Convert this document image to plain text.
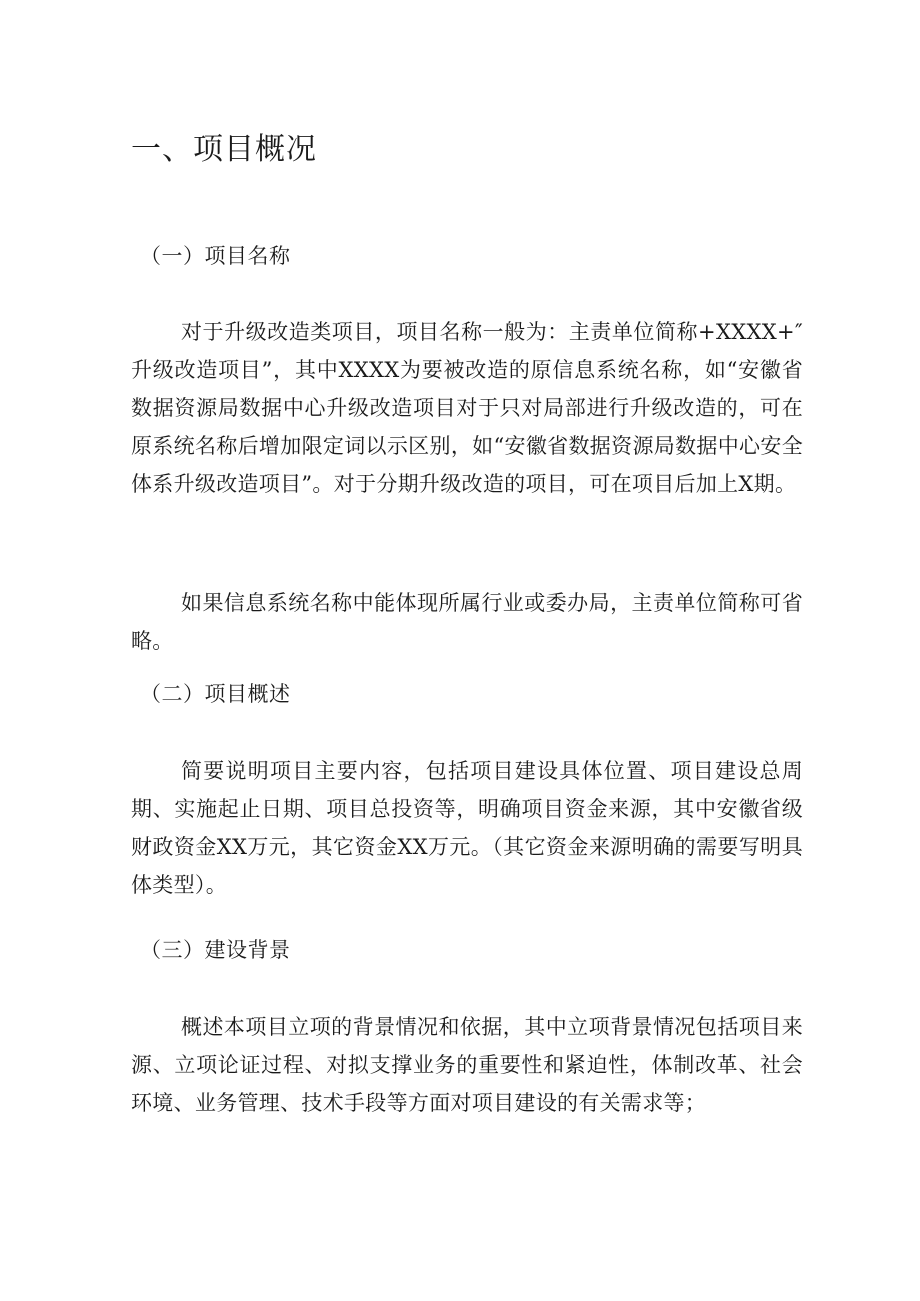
一、项目概况
（一）项目名称

对于升级改造类项目，项目名称一般为：主责单位简称+XXXX+″升级改造项目”，其中XXXX为要被改造的原信息系统名称，如“安徽省数据资源局数据中心升级改造项目对于只对局部进行升级改造的，可在原系统名称后增加限定词以示区别，如“安徽省数据资源局数据中心安全体系升级改造项目”。对于分期升级改造的项目，可在项目后加上X期。

如果信息系统名称中能体现所属行业或委办局，主责单位简称可省略。

（二）项目概述

简要说明项目主要内容，包括项目建设具体位置、项目建设总周期、实施起止日期、项目总投资等，明确项目资金来源，其中安徽省级财政资金XX万元，其它资金XX万元。（其它资金来源明确的需要写明具体类型）。

（三）建设背景

概述本项目立项的背景情况和依据，其中立项背景情况包括项目来源、立项论证过程、对拟支撑业务的重要性和紧迫性，体制改革、社会环境、业务管理、技术手段等方面对项目建设的有关需求等；
